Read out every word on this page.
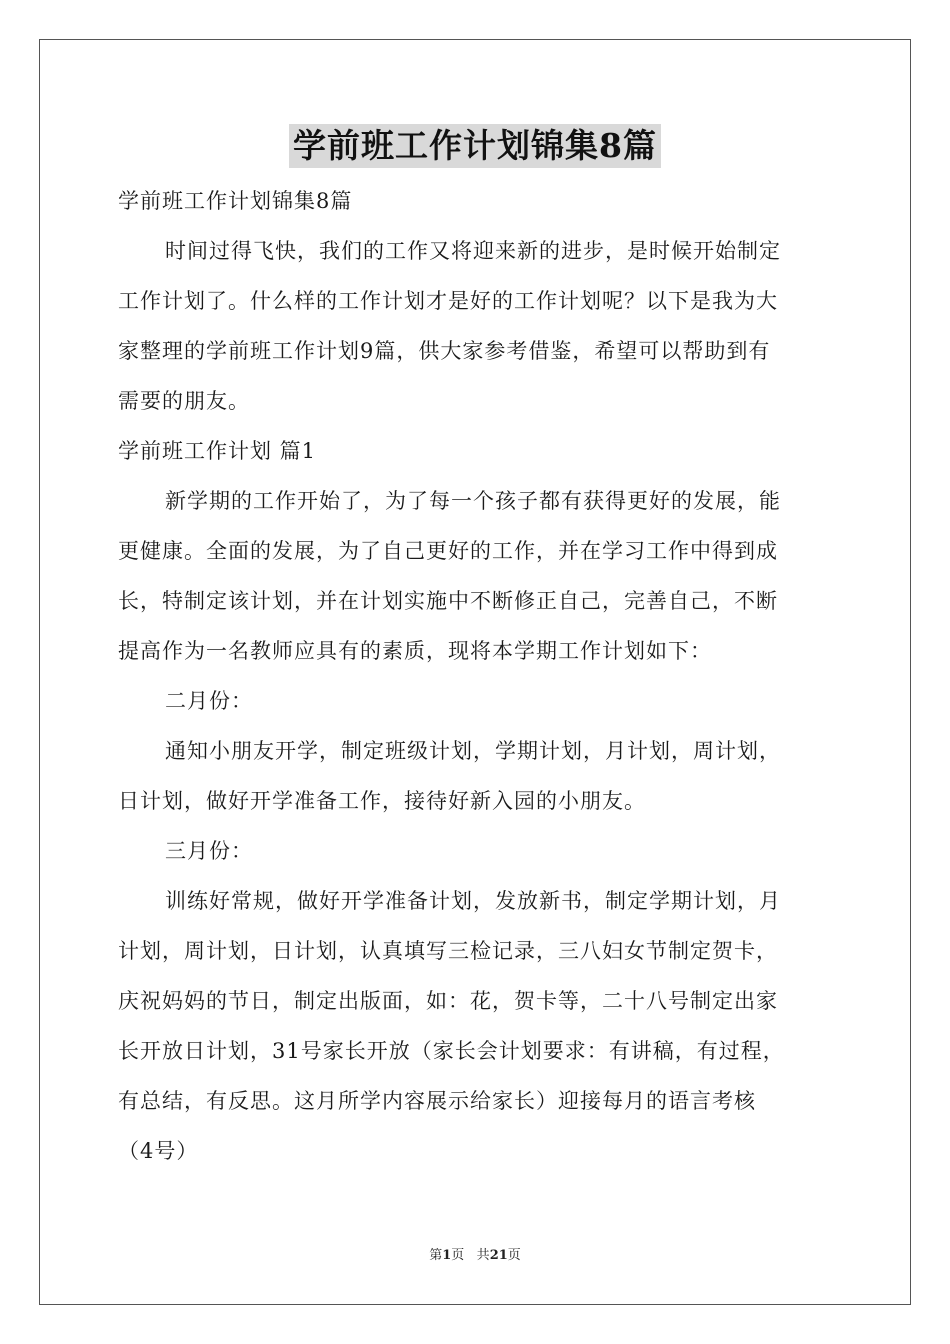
学前班工作计划锦集8篇

学前班工作计划锦集8篇

时间过得飞快，我们的工作又将迎来新的进步，是时候开始制定

工作计划了。什么样的工作计划才是好的工作计划呢？以下是我为大

家整理的学前班工作计划9篇，供大家参考借鉴，希望可以帮助到有

需要的朋友。

学前班工作计划 篇1

新学期的工作开始了，为了每一个孩子都有获得更好的发展，能

更健康。全面的发展，为了自己更好的工作，并在学习工作中得到成

长，特制定该计划，并在计划实施中不断修正自己，完善自己，不断

提高作为一名教师应具有的素质，现将本学期工作计划如下：

二月份：

通知小朋友开学，制定班级计划，学期计划，月计划，周计划，

日计划，做好开学准备工作，接待好新入园的小朋友。

三月份：

训练好常规，做好开学准备计划，发放新书，制定学期计划，月

计划，周计划，日计划，认真填写三检记录，三八妇女节制定贺卡，

庆祝妈妈的节日，制定出版面，如：花，贺卡等，二十八号制定出家

长开放日计划，31号家长开放（家长会计划要求：有讲稿，有过程，

有总结，有反思。这月所学内容展示给家长）迎接每月的语言考核

（4号）

第1页 共21页
